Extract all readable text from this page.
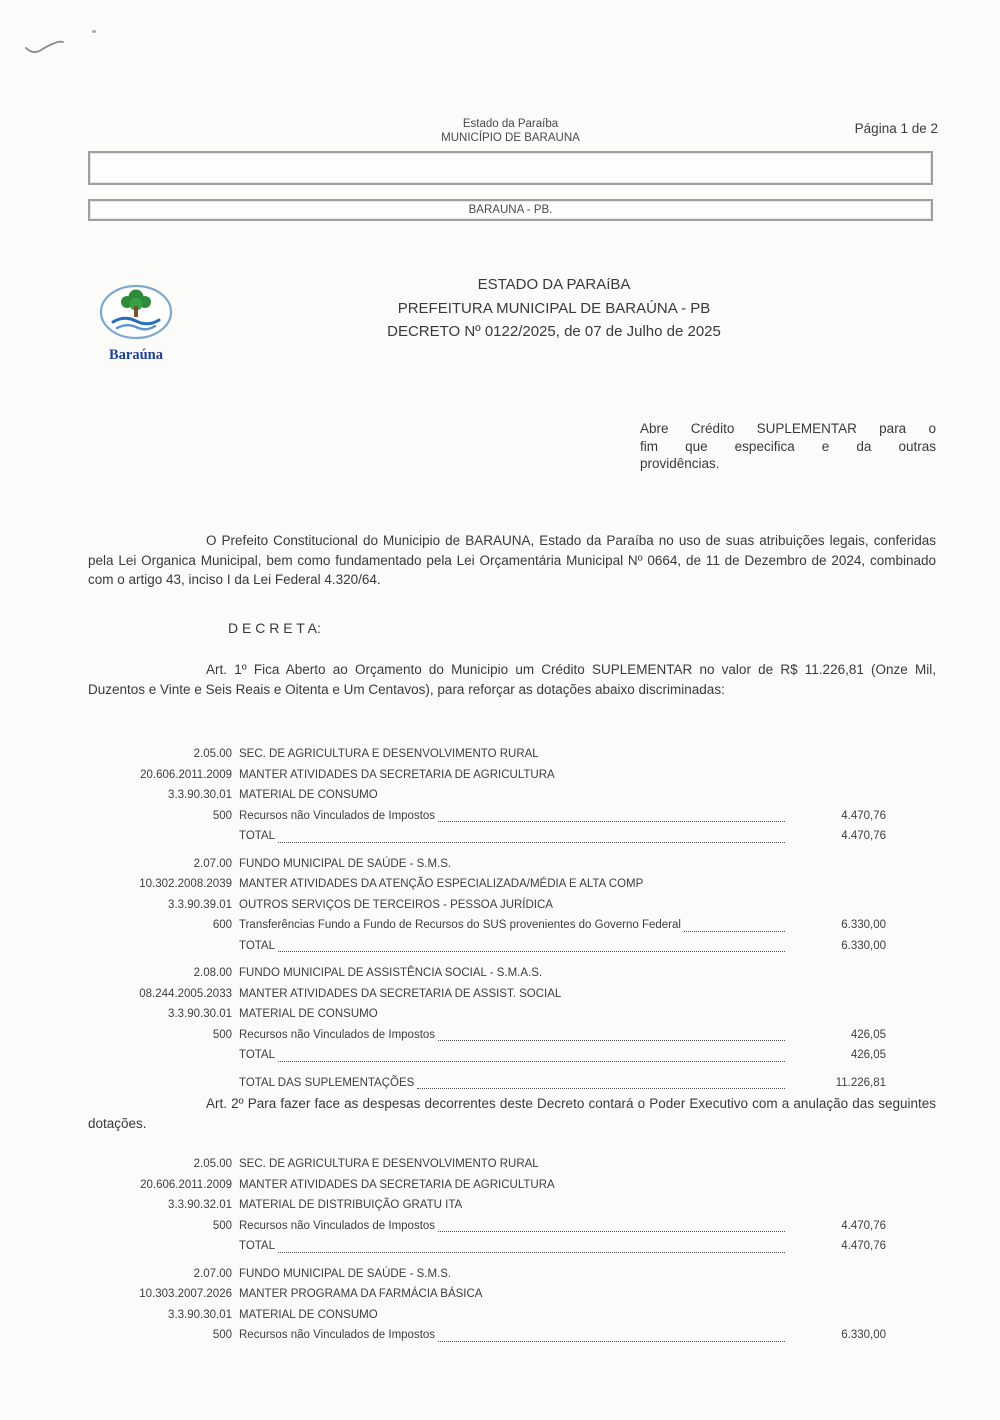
Estado da Paraíba
MUNICÍPIO DE BARAUNA
Página 1 de 2
BARAUNA - PB.
Baraúna
ESTADO DA PARAíBA
PREFEITURA MUNICIPAL DE BARAÚNA - PB
DECRETO Nº 0122/2025, de 07 de Julho de 2025
Abre Crédito SUPLEMENTAR para o
fim que especifica e da outras
providências.
O Prefeito Constitucional do Municipio de BARAUNA, Estado da Paraíba no uso de suas atribuições legais, conferidas pela Lei Organica Municipal, bem como fundamentado pela Lei Orçamentária Municipal Nº 0664, de 11 de Dezembro de 2024, combinado com o artigo 43, inciso I da Lei Federal 4.320/64.
D E C R E T A:
Art. 1º Fica Aberto ao Orçamento do Municipio um Crédito SUPLEMENTAR no valor de R$ 11.226,81 (Onze Mil, Duzentos e Vinte e Seis Reais e Oitenta e Um Centavos), para reforçar as dotações abaixo discriminadas:
2.05.00 SEC. DE AGRICULTURA E DESENVOLVIMENTO RURAL
20.606.2011.2009 MANTER ATIVIDADES DA SECRETARIA DE AGRICULTURA
3.3.90.30.01 MATERIAL DE CONSUMO
500 Recursos não Vinculados de Impostos	4.470,76
TOTAL	4.470,76
2.07.00 FUNDO MUNICIPAL DE SAÚDE - S.M.S.
10.302.2008.2039 MANTER ATIVIDADES DA ATENÇÃO ESPECIALIZADA/MÉDIA E ALTA COMP
3.3.90.39.01 OUTROS SERVIÇOS DE TERCEIROS - PESSOA JURÍDICA
600 Transferências Fundo a Fundo de Recursos do SUS provenientes do Governo Federal	6.330,00
TOTAL	6.330,00
2.08.00 FUNDO MUNICIPAL DE ASSISTÊNCIA SOCIAL - S.M.A.S.
08.244.2005.2033 MANTER ATIVIDADES DA SECRETARIA DE ASSIST. SOCIAL
3.3.90.30.01 MATERIAL DE CONSUMO
500 Recursos não Vinculados de Impostos	426,05
TOTAL	426,05
TOTAL DAS SUPLEMENTAÇÕES	11.226,81
Art. 2º Para fazer face as despesas decorrentes deste Decreto contará o Poder Executivo com a anulação das seguintes dotações.
2.05.00 SEC. DE AGRICULTURA E DESENVOLVIMENTO RURAL
20.606.2011.2009 MANTER ATIVIDADES DA SECRETARIA DE AGRICULTURA
3.3.90.32.01 MATERIAL DE DISTRIBUIÇÃO GRATU ITA
500 Recursos não Vinculados de Impostos	4.470,76
TOTAL	4.470,76
2.07.00 FUNDO MUNICIPAL DE SAÚDE - S.M.S.
10.303.2007.2026 MANTER PROGRAMA DA FARMÁCIA BÁSICA
3.3.90.30.01 MATERIAL DE CONSUMO
500 Recursos não Vinculados de Impostos	6.330,00
